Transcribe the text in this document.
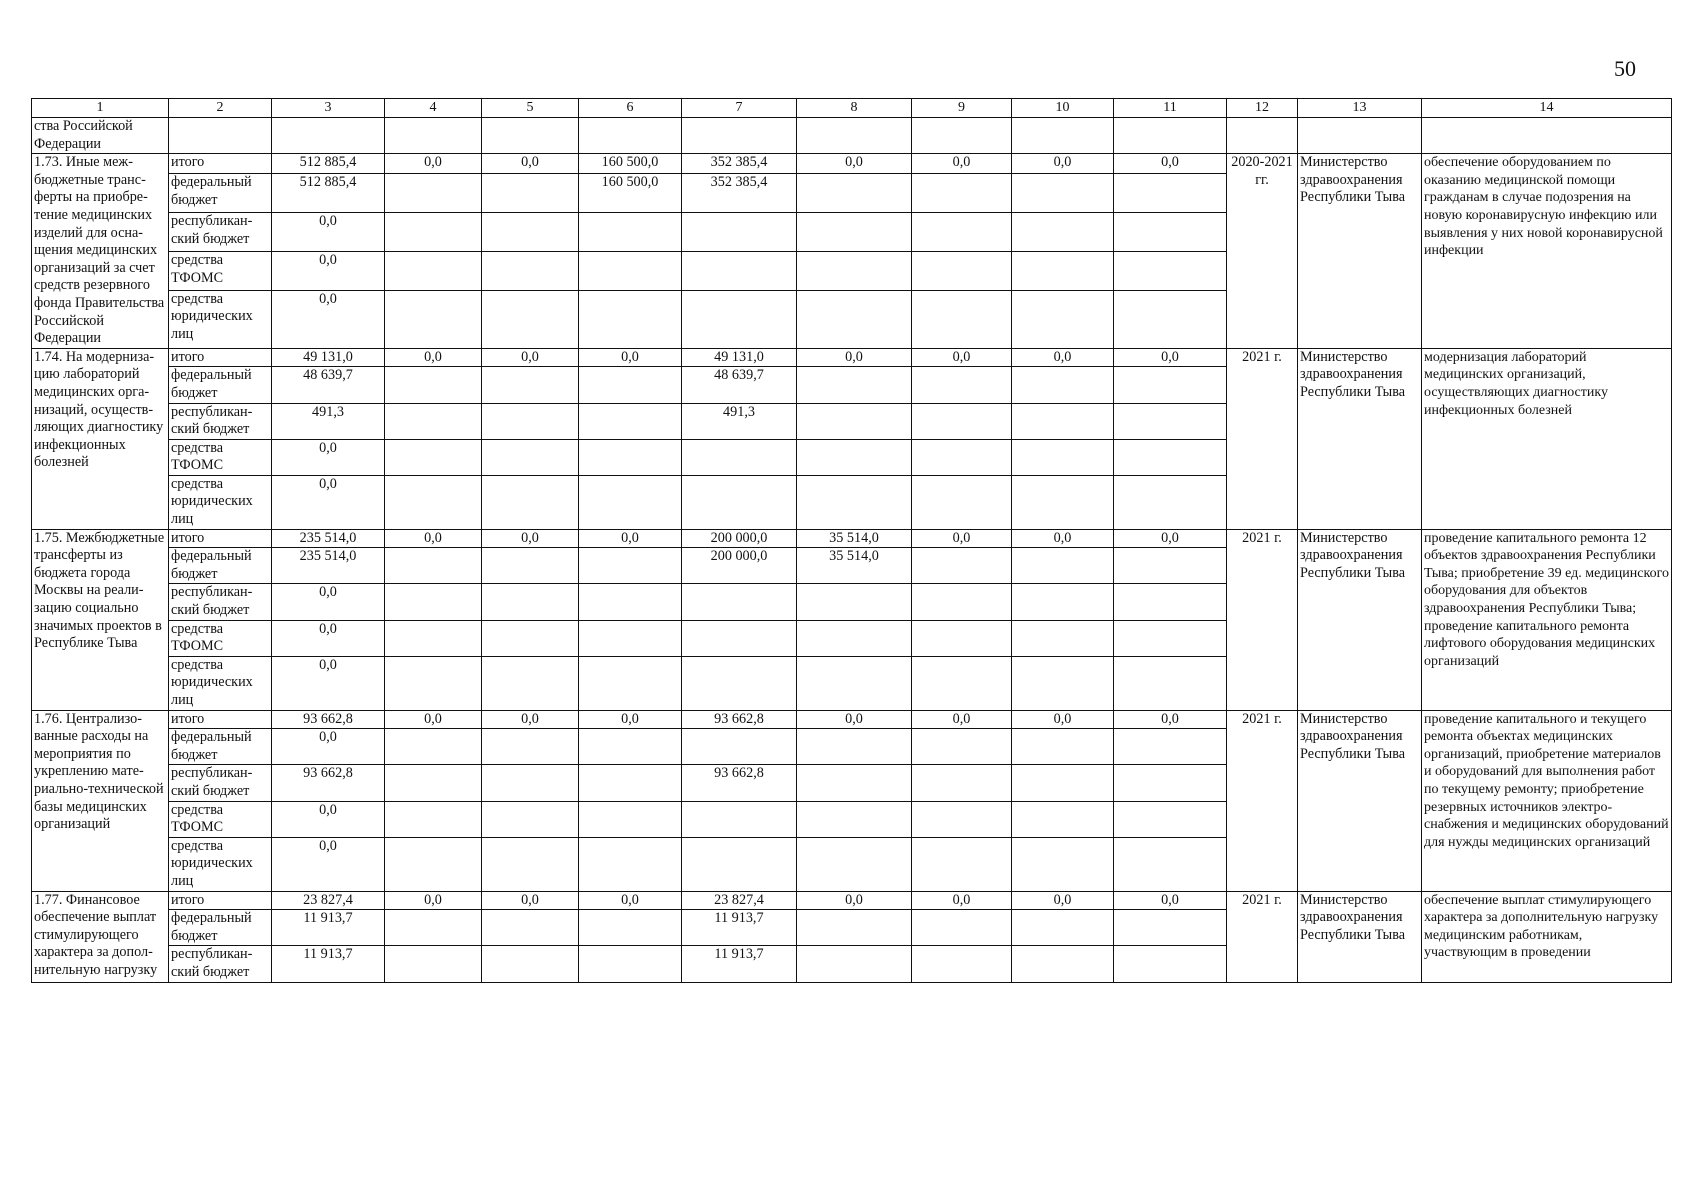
50
1	2	3	4	5	6	7	8	9	10	11	12	13	14
ства Российской Федерации													
1.73. Иные межбюджетные трансферты на приобретение медицинских изделий для оснащения медицинских организаций за счет средств резервного фонда Правительства Российской Федерации	итого	512 885,4	0,0	0,0	160 500,0	352 385,4	0,0	0,0	0,0	0,0	2020-2021 гг.	Министерство здравоохранения Республики Тыва	обеспечение оборудованием по оказанию медицинской помощи гражданам в случае подозрения на новую коронавирусную инфекцию или выявления у них новой коронавирусной инфекции
	федеральный бюджет	512 885,4			160 500,0	352 385,4							
	республиканский бюджет	0,0											
	средства ТФОМС	0,0											
	средства юридических лиц	0,0											
1.74. На модернизацию лабораторий медицинских организаций, осуществляющих диагностику инфекционных болезней	итого	49 131,0	0,0	0,0	0,0	49 131,0	0,0	0,0	0,0	0,0	2021 г.	Министерство здравоохранения Республики Тыва	модернизация лабораторий медицинских организаций, осуществляющих диагностику инфекционных болезней
	федеральный бюджет	48 639,7				48 639,7							
	республиканский бюджет	491,3				491,3							
	средства ТФОМС	0,0											
	средства юридических лиц	0,0											
1.75. Межбюджетные трансферты из бюджета города Москвы на реализацию социально значимых проектов в Республике Тыва	итого	235 514,0	0,0	0,0	0,0	200 000,0	35 514,0	0,0	0,0	0,0	2021 г.	Министерство здравоохранения Республики Тыва	проведение капитального ремонта 12 объектов здравоохранения Республики Тыва; приобретение 39 ед. медицинского оборудования для объектов здравоохранения Республики Тыва; проведение капитального ремонта лифтового оборудования медицинских организаций
	федеральный бюджет	235 514,0				200 000,0	35 514,0						
	республиканский бюджет	0,0											
	средства ТФОМС	0,0											
	средства юридических лиц	0,0											
1.76. Централизованные расходы на мероприятия по укреплению материально-технической базы медицинских организаций	итого	93 662,8	0,0	0,0	0,0	93 662,8	0,0	0,0	0,0	0,0	2021 г.	Министерство здравоохранения Республики Тыва	проведение капитального и текущего ремонта объектах медицинских организаций, приобретение материалов и оборудований для выполнения работ по текущему ремонту; приобретение резервных источников электроснабжения и медицинских оборудований для нужды медицинских организаций
	федеральный бюджет	0,0											
	республиканский бюджет	93 662,8				93 662,8							
	средства ТФОМС	0,0											
	средства юридических лиц	0,0											
1.77. Финансовое обеспечение выплат стимулирующего характера за дополнительную нагрузку	итого	23 827,4	0,0	0,0	0,0	23 827,4	0,0	0,0	0,0	0,0	2021 г.	Министерство здравоохранения Республики Тыва	обеспечение выплат стимулирующего характера за дополнительную нагрузку медицинским работникам, участвующим в проведении
	федеральный бюджет	11 913,7				11 913,7							
	республиканский бюджет	11 913,7				11 913,7							
